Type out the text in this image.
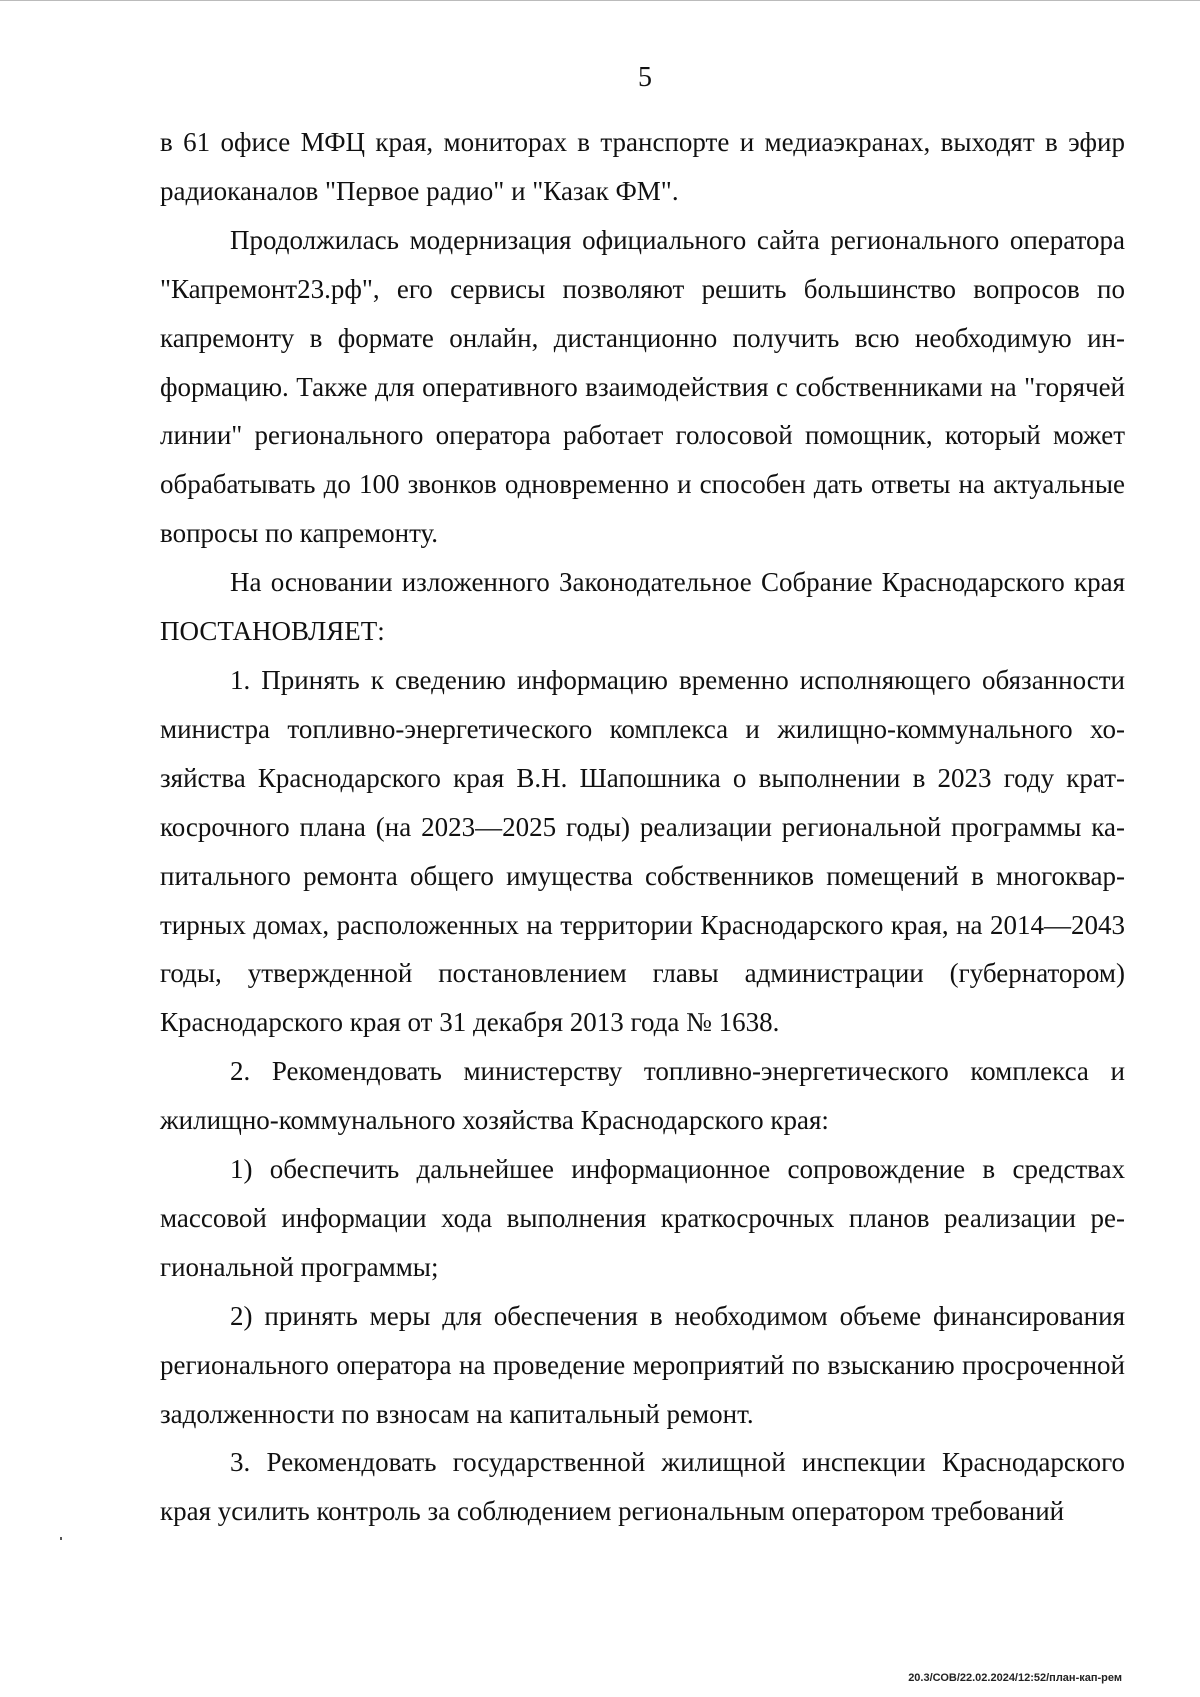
5

в 61 офисе МФЦ края, мониторах в транспорте и медиаэкранах, выходят в эфир радиоканалов "Первое радио" и "Казак ФМ".

Продолжилась модернизация официального сайта регионального оператора "Капремонт23.рф", его сервисы позволяют решить большинство вопросов по капремонту в формате онлайн, дистанционно получить всю необходимую информацию. Также для оперативного взаимодействия с собственниками на "горячей линии" регионального оператора работает голосовой помощник, который может обрабатывать до 100 звонков одновременно и способен дать ответы на актуальные вопросы по капремонту.

На основании изложенного Законодательное Собрание Краснодарского края ПОСТАНОВЛЯЕТ:

1. Принять к сведению информацию временно исполняющего обязанности министра топливно-энергетического комплекса и жилищно-коммунального хозяйства Краснодарского края В.Н. Шапошника о выполнении в 2023 году краткосрочного плана (на 2023—2025 годы) реализации региональной программы капитального ремонта общего имущества собственников помещений в многоквартирных домах, расположенных на территории Краснодарского края, на 2014—2043 годы, утвержденной постановлением главы администрации (губернатором) Краснодарского края от 31 декабря 2013 года № 1638.

2. Рекомендовать министерству топливно-энергетического комплекса и жилищно-коммунального хозяйства Краснодарского края:

1) обеспечить дальнейшее информационное сопровождение в средствах массовой информации хода выполнения краткосрочных планов реализации региональной программы;

2) принять меры для обеспечения в необходимом объеме финансирования регионального оператора на проведение мероприятий по взысканию просроченной задолженности по взносам на капитальный ремонт.

3. Рекомендовать государственной жилищной инспекции Краснодарского края усилить контроль за соблюдением региональным оператором требований

20.3/СОВ/22.02.2024/12:52/план-кап-рем
